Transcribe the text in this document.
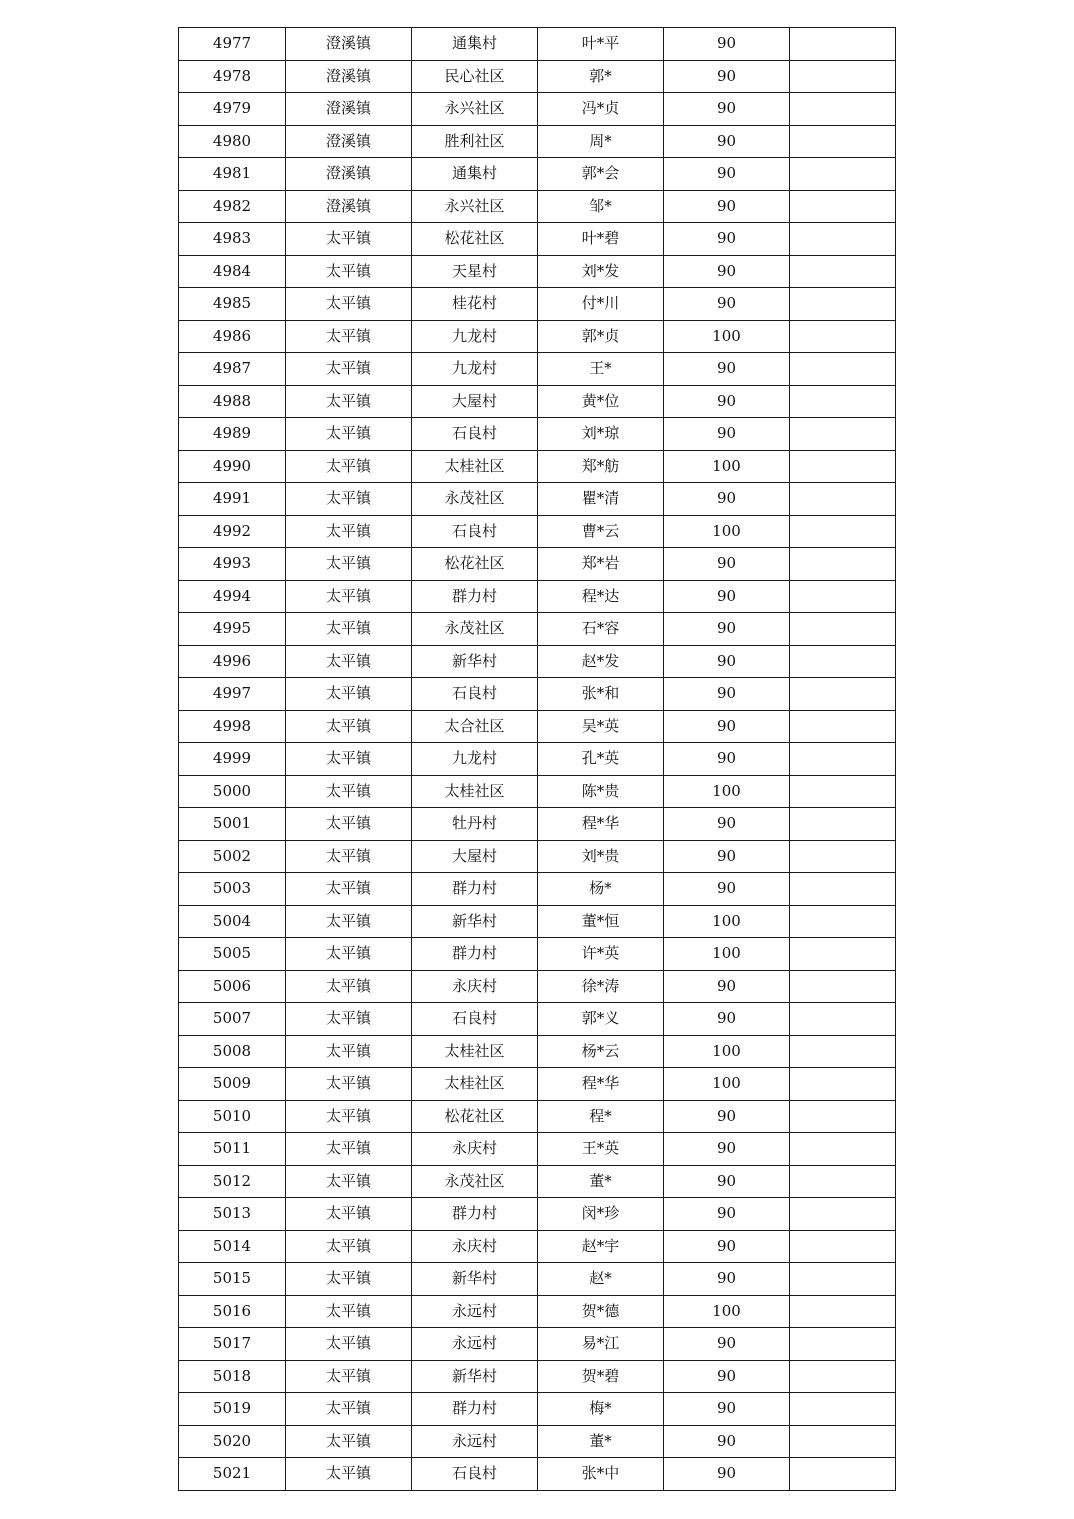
4977	澄溪镇	通集村	叶*平	90	
4978	澄溪镇	民心社区	郭*	90	
4979	澄溪镇	永兴社区	冯*贞	90	
4980	澄溪镇	胜利社区	周*	90	
4981	澄溪镇	通集村	郭*会	90	
4982	澄溪镇	永兴社区	邹*	90	
4983	太平镇	松花社区	叶*碧	90	
4984	太平镇	天星村	刘*发	90	
4985	太平镇	桂花村	付*川	90	
4986	太平镇	九龙村	郭*贞	100	
4987	太平镇	九龙村	王*	90	
4988	太平镇	大屋村	黄*位	90	
4989	太平镇	石良村	刘*琼	90	
4990	太平镇	太桂社区	郑*舫	100	
4991	太平镇	永茂社区	瞿*清	90	
4992	太平镇	石良村	曹*云	100	
4993	太平镇	松花社区	郑*岩	90	
4994	太平镇	群力村	程*达	90	
4995	太平镇	永茂社区	石*容	90	
4996	太平镇	新华村	赵*发	90	
4997	太平镇	石良村	张*和	90	
4998	太平镇	太合社区	吴*英	90	
4999	太平镇	九龙村	孔*英	90	
5000	太平镇	太桂社区	陈*贵	100	
5001	太平镇	牡丹村	程*华	90	
5002	太平镇	大屋村	刘*贵	90	
5003	太平镇	群力村	杨*	90	
5004	太平镇	新华村	董*恒	100	
5005	太平镇	群力村	许*英	100	
5006	太平镇	永庆村	徐*涛	90	
5007	太平镇	石良村	郭*义	90	
5008	太平镇	太桂社区	杨*云	100	
5009	太平镇	太桂社区	程*华	100	
5010	太平镇	松花社区	程*	90	
5011	太平镇	永庆村	王*英	90	
5012	太平镇	永茂社区	董*	90	
5013	太平镇	群力村	闵*珍	90	
5014	太平镇	永庆村	赵*宇	90	
5015	太平镇	新华村	赵*	90	
5016	太平镇	永远村	贺*德	100	
5017	太平镇	永远村	易*江	90	
5018	太平镇	新华村	贺*碧	90	
5019	太平镇	群力村	梅*	90	
5020	太平镇	永远村	董*	90	
5021	太平镇	石良村	张*中	90	
